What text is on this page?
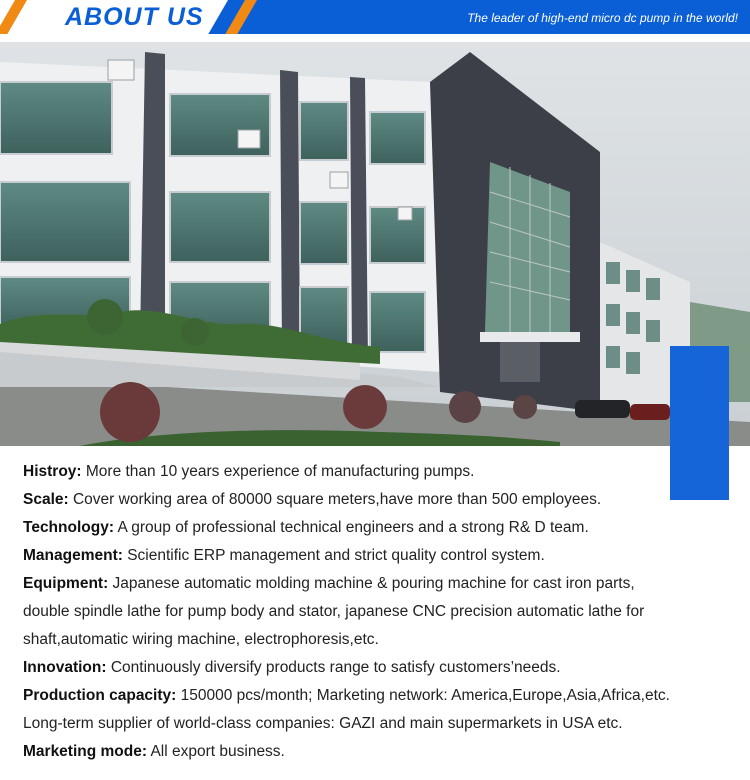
ABOUT US	The leader of high-end micro dc pump in the world!

Histroy: More than 10 years experience of manufacturing pumps.

Scale: Cover working area of 80000 square meters,have more than 500 employees.

Technology: A group of professional technical engineers and a strong R& D team.

Management: Scientific ERP management and strict quality control system.

Equipment: Japanese automatic molding machine & pouring machine for cast iron parts,

double spindle lathe for pump body and stator, japanese CNC precision automatic lathe for

shaft,automatic wiring machine, electrophoresis,etc.

Innovation: Continuously diversify products range to satisfy customers’needs.

Production capacity: 150000 pcs/month; Marketing network: America,Europe,Asia,Africa,etc.

Long-term supplier of world-class companies: GAZI and main supermarkets in USA etc.

Marketing mode: All export business.
